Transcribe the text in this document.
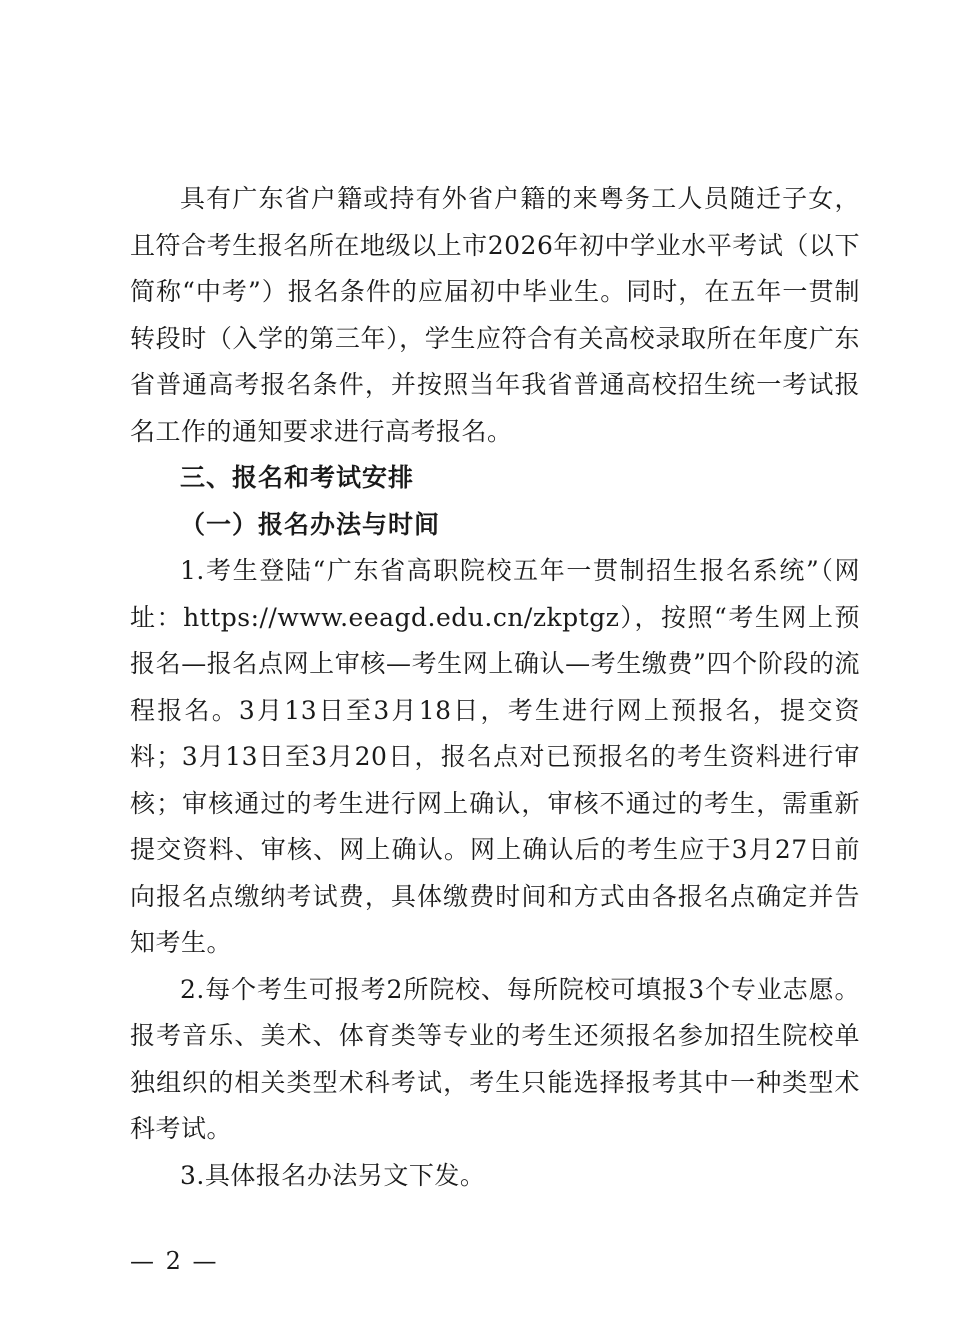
具有广东省户籍或持有外省户籍的来粤务工人员随迁子女，且符合考生报名所在地级以上市2026年初中学业水平考试（以下简称“中考”）报名条件的应届初中毕业生。同时，在五年一贯制转段时（入学的第三年），学生应符合有关高校录取所在年度广东省普通高考报名条件，并按照当年我省普通高校招生统一考试报名工作的通知要求进行高考报名。

三、报名和考试安排

（一）报名办法与时间

1.考生登陆“广东省高职院校五年一贯制招生报名系统”（网址：https://www.eeagd.edu.cn/zkptgz），按照“考生网上预报名—报名点网上审核—考生网上确认—考生缴费”四个阶段的流程报名。3月13日至3月18日，考生进行网上预报名，提交资料；3月13日至3月20日，报名点对已预报名的考生资料进行审核；审核通过的考生进行网上确认，审核不通过的考生，需重新提交资料、审核、网上确认。网上确认后的考生应于3月27日前向报名点缴纳考试费，具体缴费时间和方式由各报名点确定并告知考生。

2.每个考生可报考2所院校、每所院校可填报3个专业志愿。报考音乐、美术、体育类等专业的考生还须报名参加招生院校单独组织的相关类型术科考试，考生只能选择报考其中一种类型术科考试。

3.具体报名办法另文下发。

— 2 —
